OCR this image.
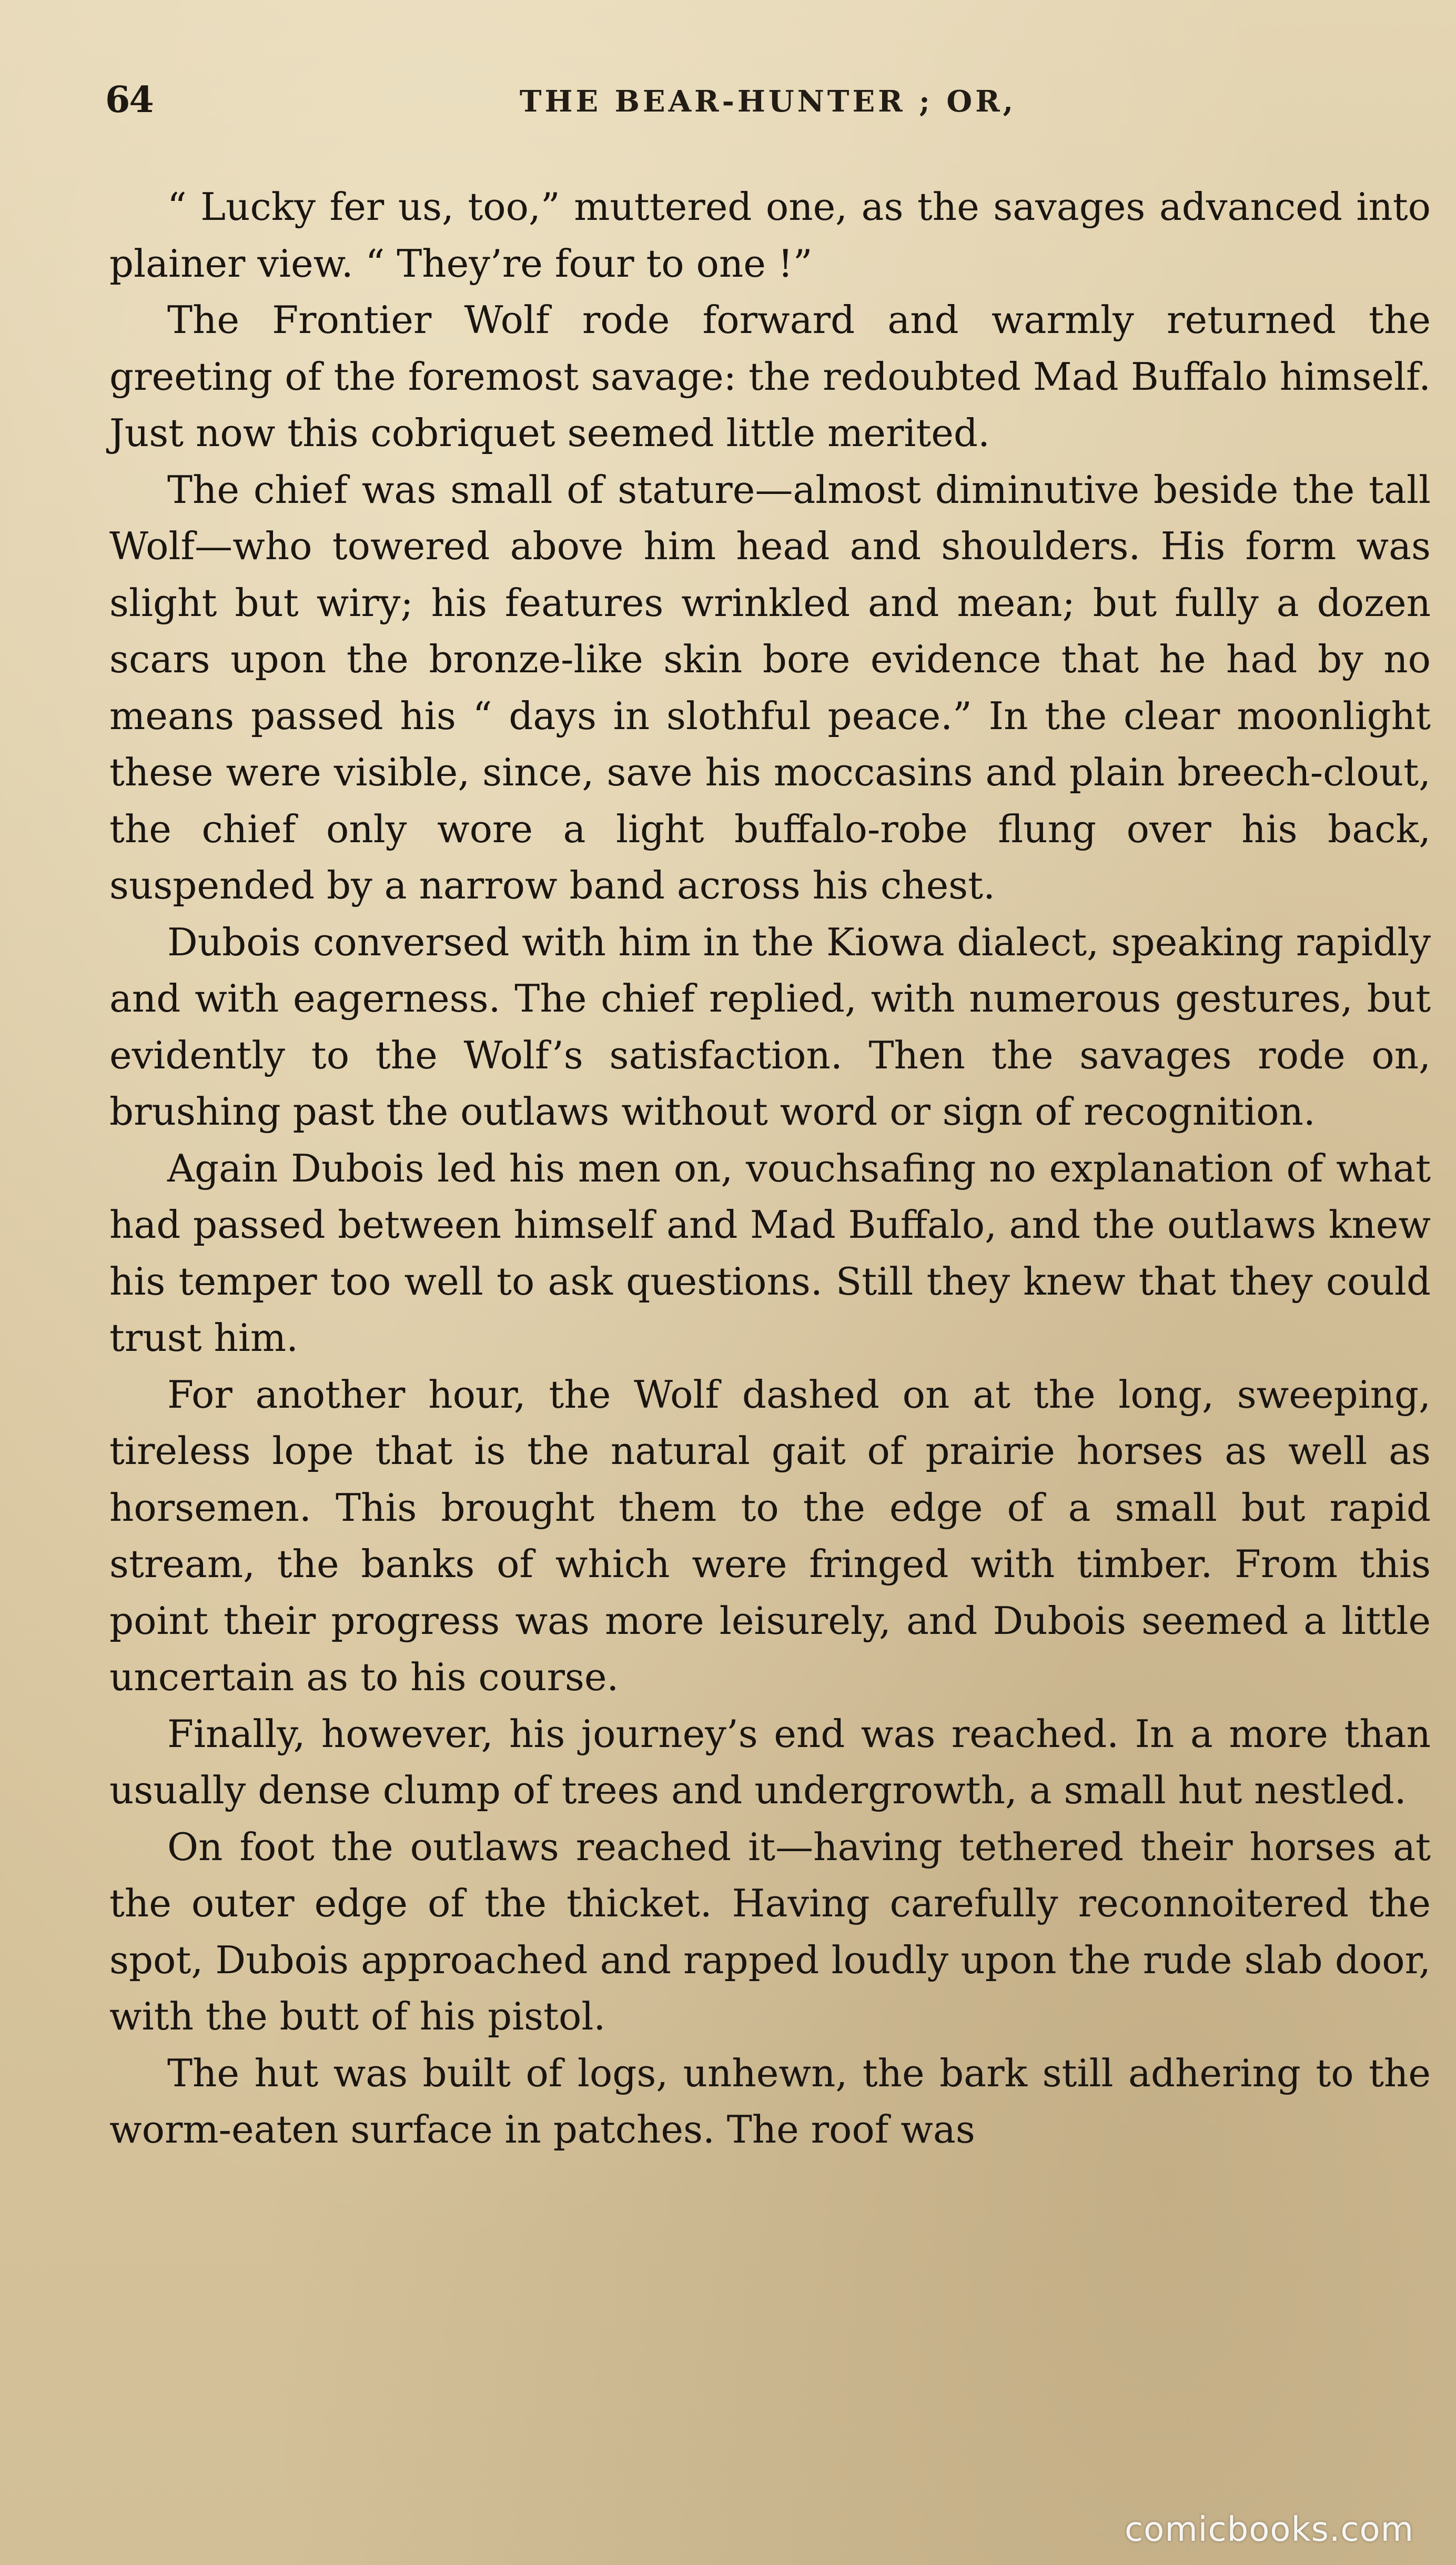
64	THE BEAR-HUNTER ; OR,

“ Lucky fer us, too,” muttered one, as the savages advanced into plainer view. “ They’re four to one !”

The Frontier Wolf rode forward and warmly returned the greeting of the foremost savage: the redoubted Mad Buffalo himself. Just now this cobriquet seemed little merited.

The chief was small of stature—almost diminutive beside the tall Wolf—who towered above him head and shoulders. His form was slight but wiry; his features wrinkled and mean; but fully a dozen scars upon the bronze-like skin bore evidence that he had by no means passed his “ days in slothful peace.” In the clear moonlight these were visible, since, save his moccasins and plain breech-clout, the chief only wore a light buffalo-robe flung over his back, suspended by a narrow band across his chest.

Dubois conversed with him in the Kiowa dialect, speaking rapidly and with eagerness. The chief replied, with numerous gestures, but evidently to the Wolf’s satisfaction. Then the savages rode on, brushing past the outlaws without word or sign of recognition.

Again Dubois led his men on, vouchsafing no explanation of what had passed between himself and Mad Buffalo, and the outlaws knew his temper too well to ask questions. Still they knew that they could trust him.

For another hour, the Wolf dashed on at the long, sweeping, tireless lope that is the natural gait of prairie horses as well as horsemen. This brought them to the edge of a small but rapid stream, the banks of which were fringed with timber. From this point their progress was more leisurely, and Dubois seemed a little uncertain as to his course.

Finally, however, his journey’s end was reached. In a more than usually dense clump of trees and undergrowth, a small hut nestled.

On foot the outlaws reached it—having tethered their horses at the outer edge of the thicket. Having carefully reconnoitered the spot, Dubois approached and rapped loudly upon the rude slab door, with the butt of his pistol.

The hut was built of logs, unhewn, the bark still adhering to the worm-eaten surface in patches. The roof was

comicbooks.com
